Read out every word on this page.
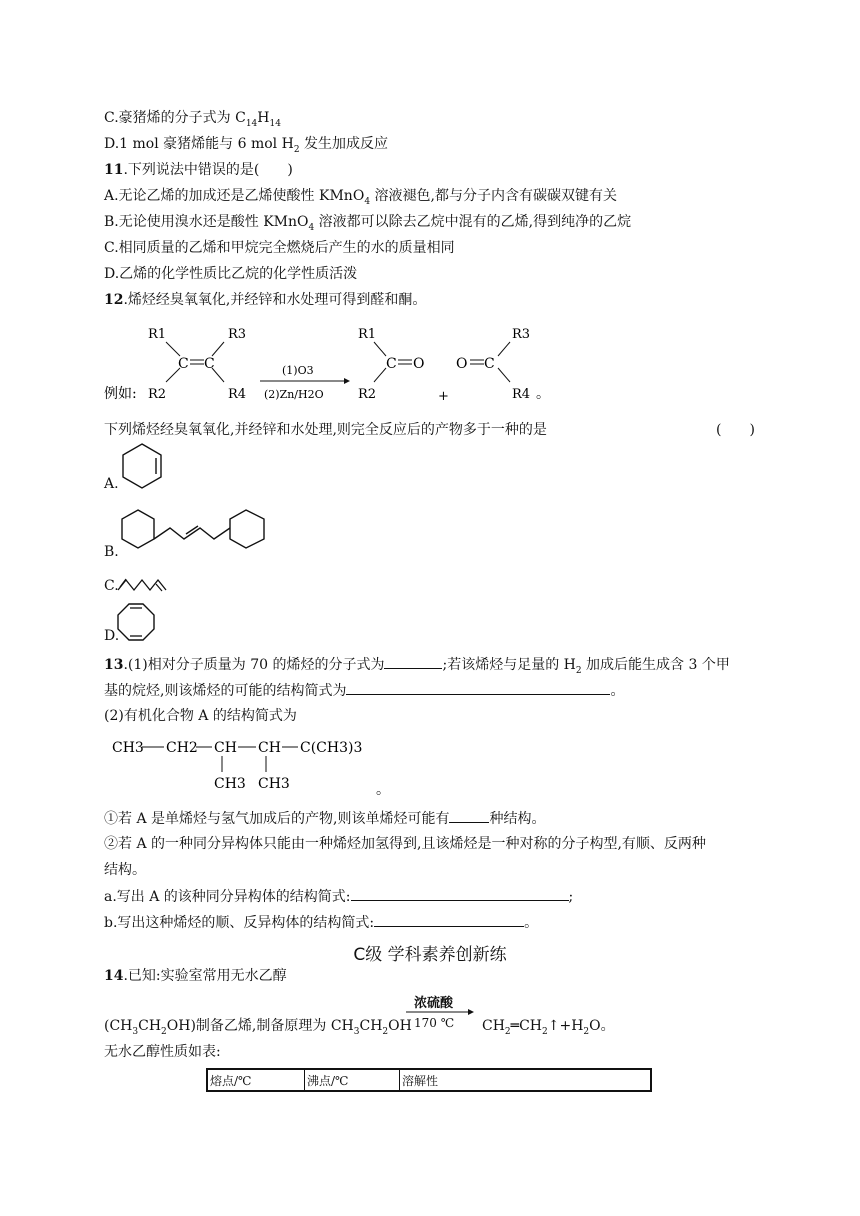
C.豪猪烯的分子式为 $C_{14}H_{14}$
D.1 mol 豪猪烯能与 6 mol $H_2$ 发生加成反应
11.下列说法中错误的是(　　)
A.无论乙烯的加成还是乙烯使酸性 KMnO$_4$ 溶液褪色,都与分子内含有碳碳双键有关
B.无论使用溴水还是酸性 KMnO$_4$ 溶液都可以除去乙烷中混有的乙烯,得到纯净的乙烷
C.相同质量的乙烯和甲烷完全燃烧后产生的水的质量相同
D.乙烯的化学性质比乙烷的化学性质活泼
12.烯烃经臭氧氧化,并经锌和水处理可得到醛和酮。
例如:
R1	R3
R2	R4
C C	(1)O3
(2)Zn/H2O
R1
R2
C O
+
O C
R3
R4 。
下列烯烃经臭氧氧化,并经锌和水处理,则完全反应后的产物多于一种的是	(　　)
A.
B.
C.
D.
13.(1)相对分子质量为 70 的烯烃的分子式为	;若该烯烃与足量的 $H_2$ 加成后能生成含 3 个甲
基的烷烃,则该烯烃的可能的结构简式为	。
(2)有机化合物 A 的结构简式为
CH3 CH2 CH CH C(CH3)3
CH3 CH3	。
①若 A 是单烯烃与氢气加成后的产物,则该单烯烃可能有	种结构。
②若 A 的一种同分异构体只能由一种烯烃加氢得到,且该烯烃是一种对称的分子构型,有顺、反两种
结构。
a.写出 A 的该种同分异构体的结构简式:	;
b.写出这种烯烃的顺、反异构体的结构简式:	。
C级 学科素养创新练
14.已知:实验室常用无水乙醇
$(CH_3CH_2OH)$制备乙烯,制备原理为 $CH_3CH_2OH$
浓硫酸
170 ℃ $CH_2═CH_2↑+H_2O$。
无水乙醇性质如表:
熔点/℃	沸点/℃	溶解性
